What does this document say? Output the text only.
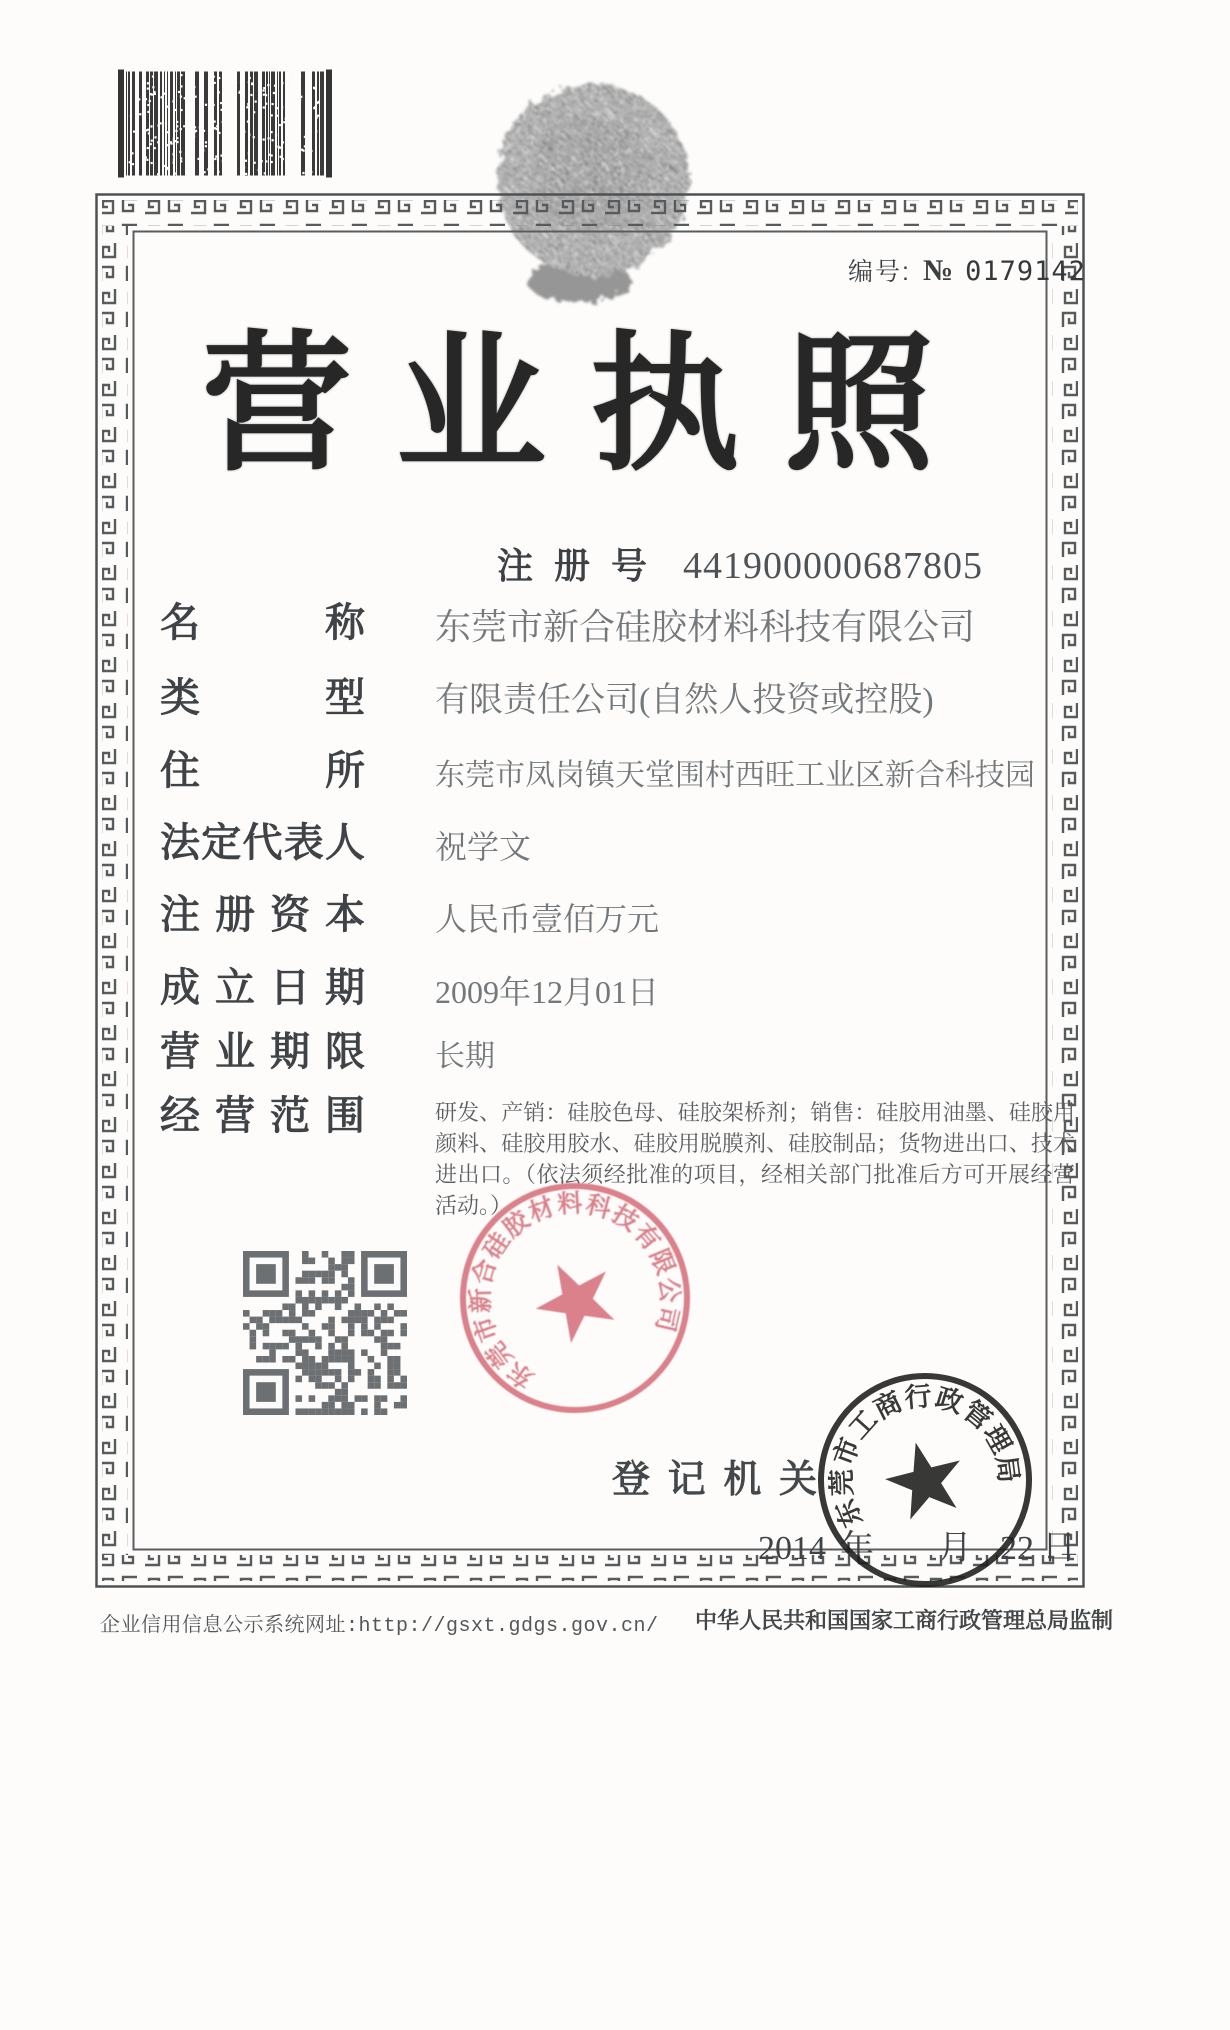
编号: № 0179142
营业执照
注 册 号 441900000687805
名	称 东莞市新合硅胶材料科技有限公司
类	型 有限责任公司(自然人投资或控股)
住	所 东莞市凤岗镇天堂围村西旺工业区新合科技园
法 定 代 表 人 祝学文
注 册 资 本 人民币壹佰万元
成 立 日 期 2009年12月01日
营 业 期 限 长期
经 营 范 围	研发、产销：硅胶色母、硅胶架桥剂；销售：硅胶用油墨、硅胶用颜料、硅胶用胶水、硅胶用脱膜剂、硅胶制品；货物进出口、技术进出口。（依法须经批准的项目，经相关部门批准后方可开展经营活动。）
东莞市新合硅胶材料科技有限公司
登 记 机 关
2014 年 月 22 日
东莞市工商行政管理局
企业信用信息公示系统网址:http://gsxt.gdgs.gov.cn/ 中华人民共和国国家工商行政管理总局监制
